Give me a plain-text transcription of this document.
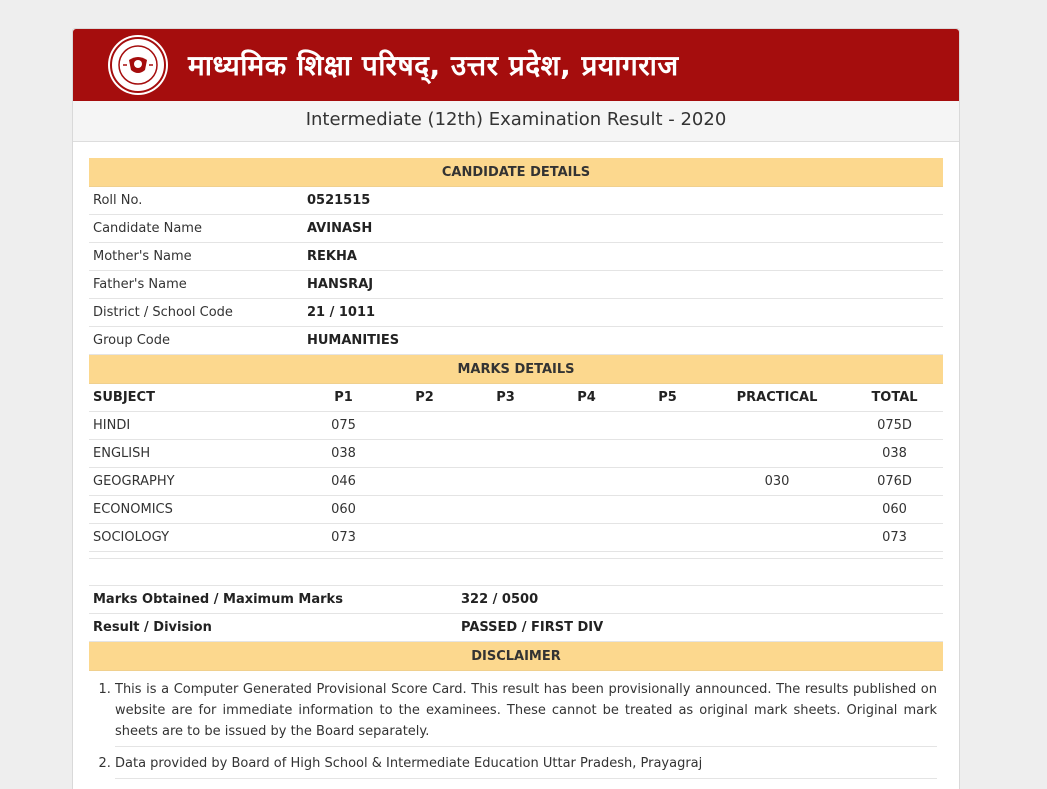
माध्यमिक शिक्षा परिषद्, उत्तर प्रदेश, प्रयागराज
Intermediate (12th) Examination Result - 2020
CANDIDATE DETAILS	
Roll No.	0521515
Candidate Name	AVINASH
Mother's Name	REKHA
Father's Name	HANSRAJ
District / School Code	21 / 1011
Group Code	HUMANITIES
MARKS DETAILS							
SUBJECT	P1	P2	P3	P4	P5	PRACTICAL	TOTAL
HINDI	075						075D
ENGLISH	038						038
GEOGRAPHY	046					030	076D
ECONOMICS	060						060
SOCIOLOGY	073						073

Marks Obtained / Maximum Marks	322 / 0500
Result / Division	PASSED / FIRST DIV
DISCLAIMER
1. This is a Computer Generated Provisional Score Card. This result has been provisionally announced. The results published on website are for immediate information to the examinees. These cannot be treated as original mark sheets. Original mark sheets are to be issued by the Board separately.
2. Data provided by Board of High School & Intermediate Education Uttar Pradesh, Prayagraj
